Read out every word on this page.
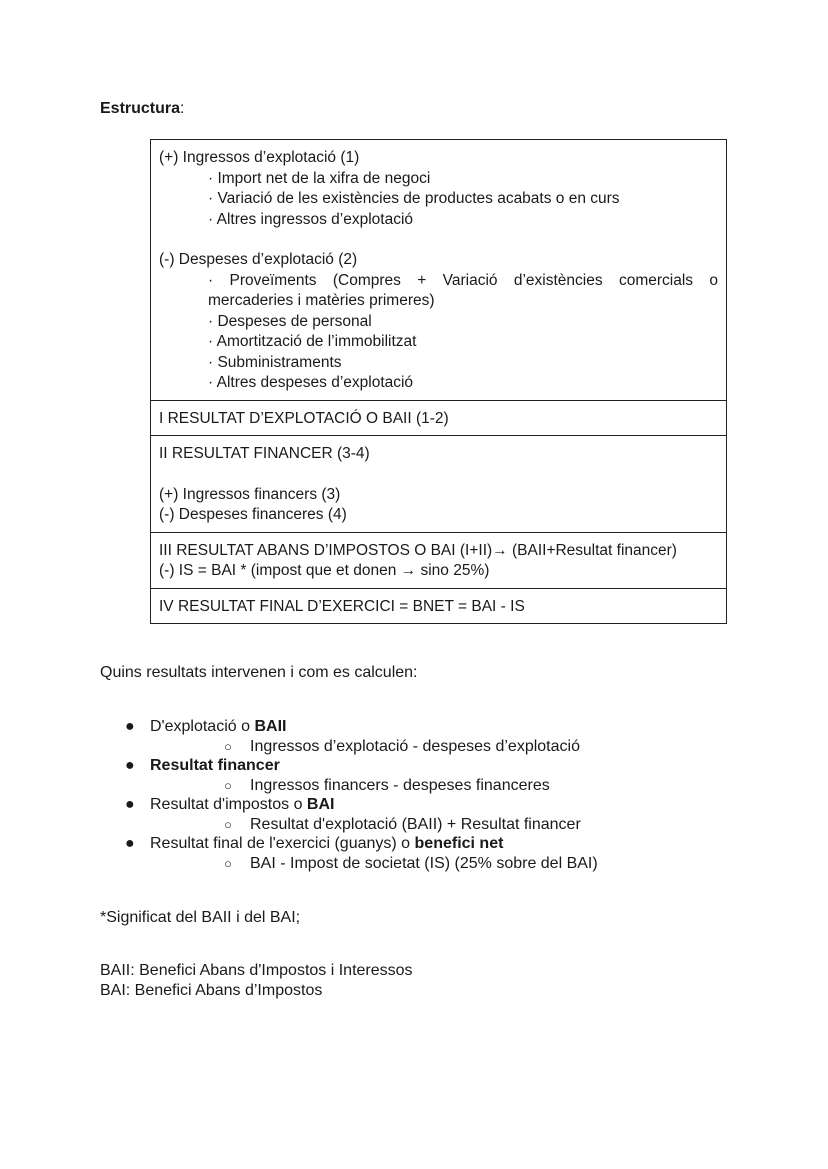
Estructura:
(+) Ingressos d’explotació (1)
· Import net de la xifra de negoci
· Variació de les existències de productes acabats o en curs
· Altres ingressos d’explotació
(-) Despeses d’explotació (2)
· Proveïments (Compres + Variació d’existències comercials o mercaderies i matèries primeres)
· Despeses de personal
· Amortització de l’immobilitzat
· Subministraments
· Altres despeses d’explotació

I RESULTAT D’EXPLOTACIÓ O BAII (1-2)

II RESULTAT FINANCER (3-4)
(+) Ingressos financers (3)
(-) Despeses financeres (4)

III RESULTAT ABANS D’IMPOSTOS O BAI (I+II)→ (BAII+Resultat financer)
(-) IS = BAI * (impost que et donen → sino 25%)

IV RESULTAT FINAL D’EXERCICI = BNET = BAI - IS
Quins resultats intervenen i com es calculen:
● D'explotació o BAII
○ Ingressos d’explotació - despeses d’explotació
● Resultat financer
○ Ingressos financers - despeses financeres
● Resultat d'impostos o BAI
○ Resultat d'explotació (BAII) + Resultat financer
● Resultat final de l'exercici (guanys) o benefici net
○ BAI - Impost de societat (IS) (25% sobre del BAI)
*Significat del BAII i del BAI;
BAII: Benefici Abans d'Impostos i Interessos
BAI: Benefici Abans d’Impostos
